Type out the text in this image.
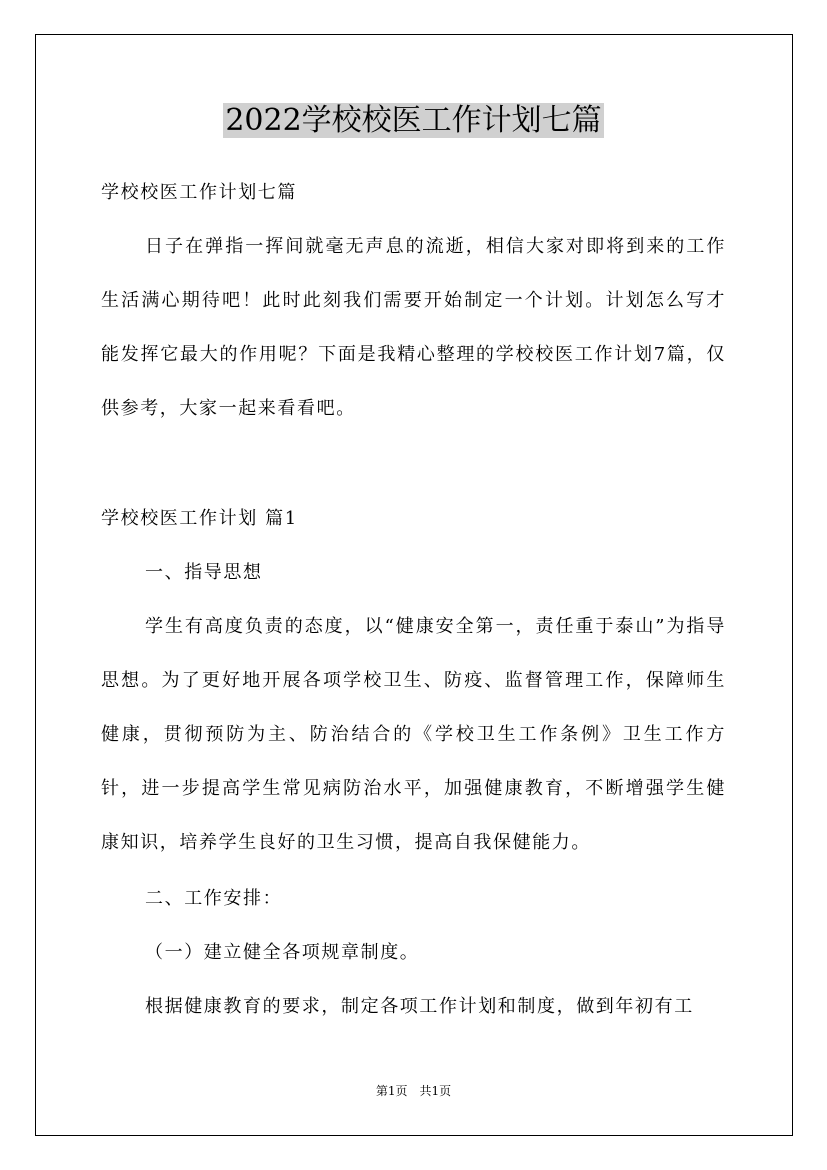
2022学校校医工作计划七篇

学校校医工作计划七篇

日子在弹指一挥间就毫无声息的流逝，相信大家对即将到来的工作生活满心期待吧！此时此刻我们需要开始制定一个计划。计划怎么写才能发挥它最大的作用呢？下面是我精心整理的学校校医工作计划7篇，仅供参考，大家一起来看看吧。

学校校医工作计划 篇1

一、指导思想

学生有高度负责的态度，以“健康安全第一，责任重于泰山”为指导思想。为了更好地开展各项学校卫生、防疫、监督管理工作，保障师生健康，贯彻预防为主、防治结合的《学校卫生工作条例》卫生工作方针，进一步提高学生常见病防治水平，加强健康教育，不断增强学生健康知识，培养学生良好的卫生习惯，提高自我保健能力。

二、工作安排：

（一）建立健全各项规章制度。

根据健康教育的要求，制定各项工作计划和制度，做到年初有工

第1页　共1页
